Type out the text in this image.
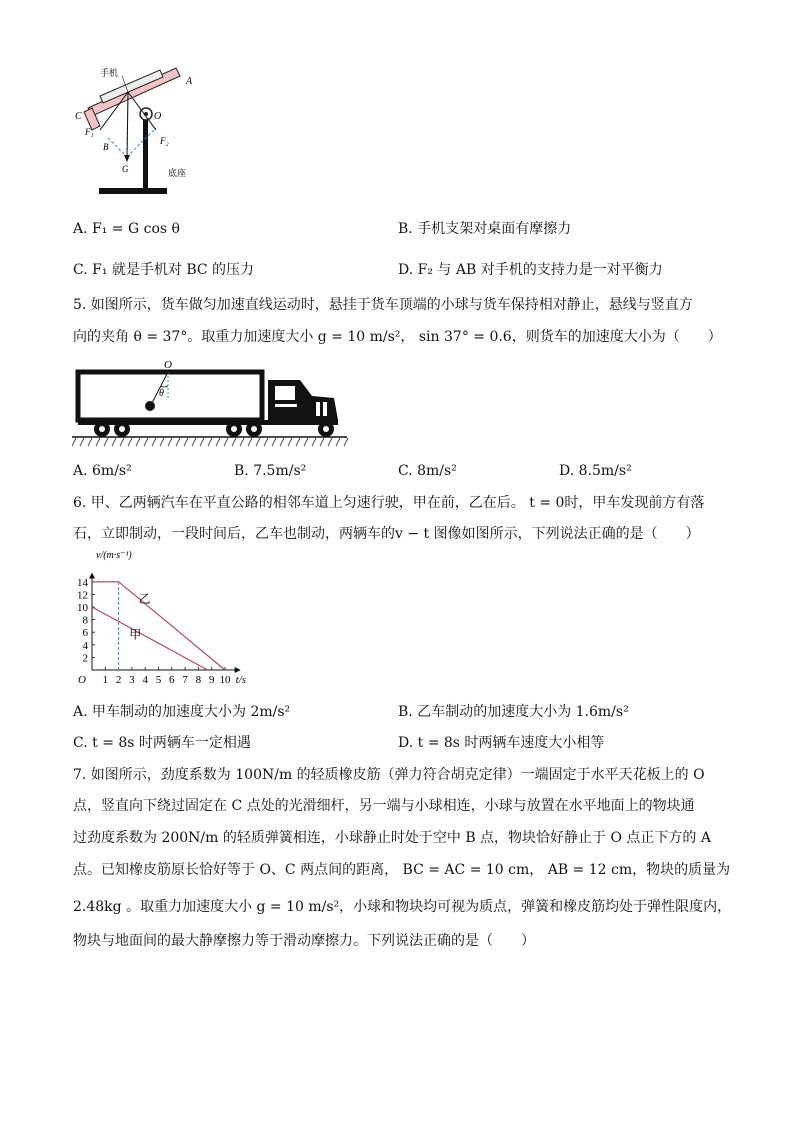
手机
A
C	O
B
G
F₁
F₂
底座
A. F₁ = G cos θ	B. 手机支架对桌面有摩擦力
C. F₁ 就是手机对 BC 的压力	D. F₂ 与 AB 对手机的支持力是一对平衡力
5. 如图所示，货车做匀加速直线运动时，悬挂于货车顶端的小球与货车保持相对静止，悬线与竖直方
向的夹角 θ = 37°。取重力加速度大小 g = 10 m/s²， sin 37° = 0.6，则货车的加速度大小为（　　）
O
θ
A. 6m/s²	B. 7.5m/s²	C. 8m/s²	D. 8.5m/s²
6. 甲、乙两辆汽车在平直公路的相邻车道上匀速行驶，甲在前，乙在后。 t = 0时，甲车发现前方有落
石，立即制动，一段时间后，乙车也制动，两辆车的v − t 图像如图所示，下列说法正确的是（　　）
1 2 3 4 5 6 7 8 9 10
2
4
6
8
10
12
14
乙
甲
v/(m·s⁻¹)
t/s
O
A. 甲车制动的加速度大小为 2m/s²	B. 乙车制动的加速度大小为 1.6m/s²
C. t = 8s 时两辆车一定相遇	D. t = 8s 时两辆车速度大小相等
7. 如图所示，劲度系数为 100N/m 的轻质橡皮筋（弹力符合胡克定律）一端固定于水平天花板上的 O
点，竖直向下绕过固定在 C 点处的光滑细杆，另一端与小球相连，小球与放置在水平地面上的物块通
过劲度系数为 200N/m 的轻质弹簧相连，小球静止时处于空中 B 点，物块恰好静止于 O 点正下方的 A
点。已知橡皮筋原长恰好等于 O、C 两点间的距离， BC = AC = 10 cm， AB = 12 cm，物块的质量为
2.48kg 。取重力加速度大小 g = 10 m/s²，小球和物块均可视为质点，弹簧和橡皮筋均处于弹性限度内，
物块与地面间的最大静摩擦力等于滑动摩擦力。下列说法正确的是（　　）
